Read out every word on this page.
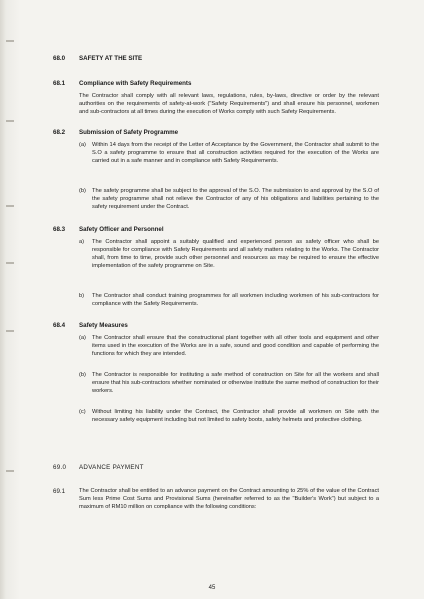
68.0 SAFETY AT THE SITE
68.1 Compliance with Safety Requirements

The Contractor shall comply with all relevant laws, regulations, rules, by-laws, directive or order by the relevant authorities on the requirements of safety-at-work ("Safety Requirements") and shall ensure his personnel, workmen and sub-contractors at all times during the execution of Works comply with such Safety Requirements.

68.2 Submission of Safety Programme
(a) Within 14 days from the receipt of the Letter of Acceptance by the Government, the Contractor shall submit to the S.O a safety programme to ensure that all construction activities required for the execution of the Works are carried out in a safe manner and in compliance with Safety Requirements.

(b) The safety programme shall be subject to the approval of the S.O. The submission to and approval by the S.O of the safety programme shall not relieve the Contractor of any of his obligations and liabilities pertaining to the safety requirement under the Contract.

68.3 Safety Officer and Personnel
a) The Contractor shall appoint a suitably qualified and experienced person as safety officer who shall be responsible for compliance with Safety Requirements and all safety matters relating to the Works. The Contractor shall, from time to time, provide such other personnel and resources as may be required to ensure the effective implementation of the safety programme on Site.

b) The Contractor shall conduct training programmes for all workmen including workmen of his sub-contractors for compliance with the Safety Requirements.

68.4 Safety Measures
(a) The Contractor shall ensure that the constructional plant together with all other tools and equipment and other items used in the execution of the Works are in a safe, sound and good condition and capable of performing the functions for which they are intended.

(b) The Contractor is responsible for instituting a safe method of construction on Site for all the workers and shall ensure that his sub-contractors whether nominated or otherwise institute the same method of construction for their workers.

(c) Without limiting his liability under the Contract, the Contractor shall provide all workmen on Site with the necessary safety equipment including but not limited to safety boots, safety helmets and protective clothing.

69.0 ADVANCE PAYMENT
69.1 The Contractor shall be entitled to an advance payment on the Contract amounting to 25% of the value of the Contract Sum less Prime Cost Sums and Provisional Sums (hereinafter referred to as the "Builder's Work") but subject to a maximum of RM10 million on compliance with the following conditions:

45
